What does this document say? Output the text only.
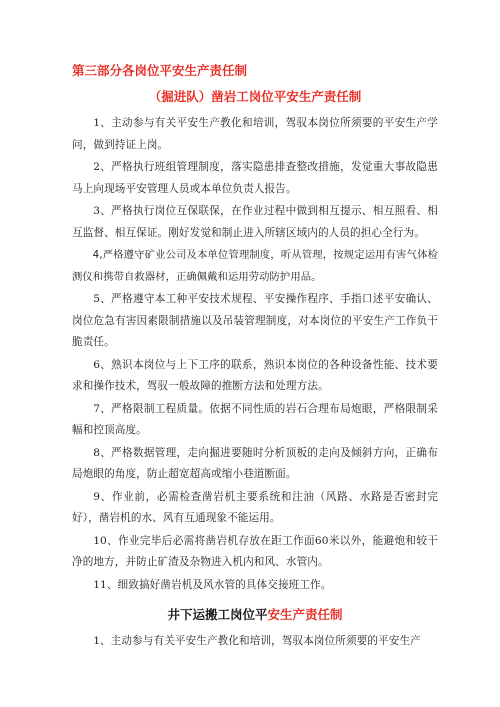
第三部分各岗位平安生产责任制
（掘进队）凿岩工岗位平安生产责任制

1、主动参与有关平安生产教化和培训，驾驭本岗位所须要的平安生产学问，做到持证上岗。

2、严格执行班组管理制度，落实隐患排查整改措施，发觉重大事故隐患马上向现场平安管理人员或本单位负责人报告。

3、严格执行岗位互保联保，在作业过程中做到相互提示、相互照看、相互监督、相互保证。刚好发觉和制止进入所辖区域内的人员的担心全行为。

4,严格遵守矿业公司及本单位管理制度，听从管理，按规定运用有害气体检测仪和携带自救器材，正确佩戴和运用劳动防护用品。

5、严格遵守本工种平安技术规程、平安操作程序、手指口述平安确认、岗位危急有害因素限制措施以及吊装管理制度，对本岗位的平安生产工作负干脆责任。

6、熟识本岗位与上下工序的联系，熟识本岗位的各种设备性能、技术要求和操作技术，驾驭一般故障的推断方法和处理方法。

7、严格限制工程质量。依据不同性质的岩石合理布局炮眼，严格限制采幅和控顶高度。

8、严格数据管理，走向掘进要随时分析顶板的走向及倾斜方向，正确布局炮眼的角度，防止超宽超高或缩小巷道断面。

9、作业前，必需检查凿岩机主要系统和注油（风路、水路是否密封完好），凿岩机的水、风有互通现象不能运用。

10、作业完毕后必需将凿岩机存放在距工作面60米以外，能避炮和较干净的地方，并防止矿渣及杂物进入机内和风、水管内。

11、细致搞好凿岩机及风水管的具体交接班工作。

井下运搬工岗位平安生产责任制

1、主动参与有关平安生产教化和培训，驾驭本岗位所须要的平安生产
